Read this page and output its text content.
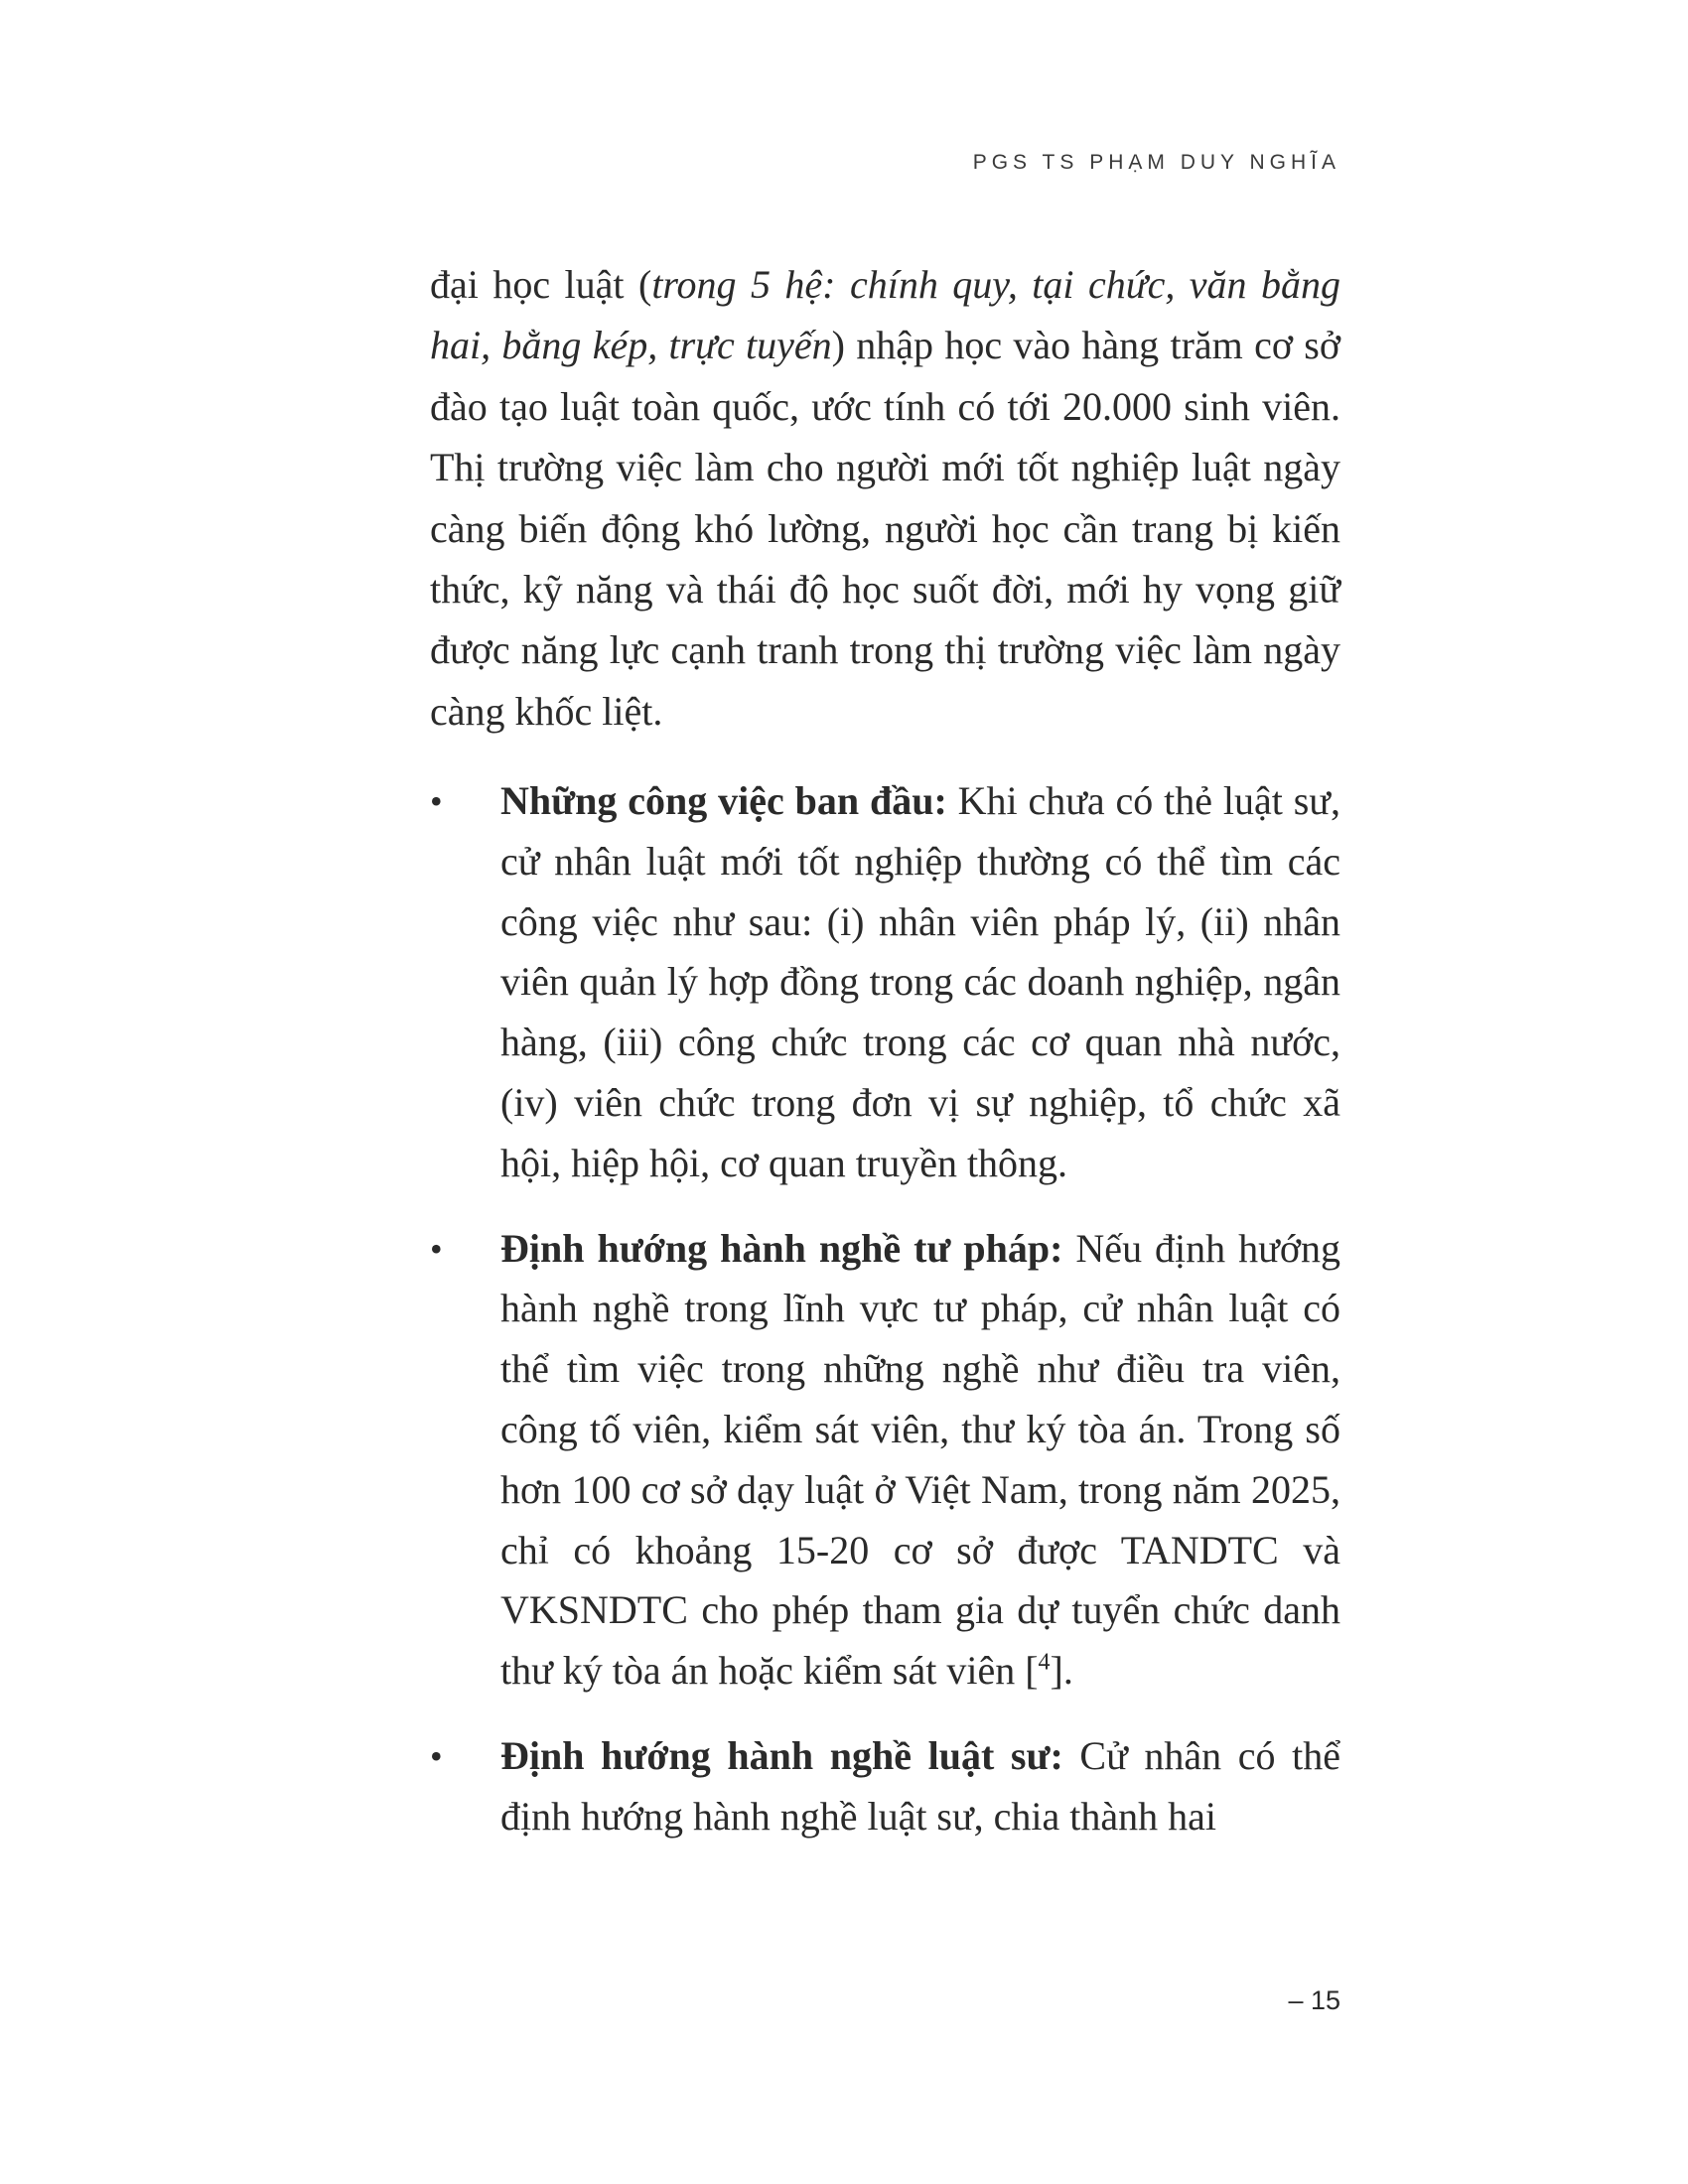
PGS TS PHẠM DUY NGHĨA
đại học luật (trong 5 hệ: chính quy, tại chức, văn bằng hai, bằng kép, trực tuyến) nhập học vào hàng trăm cơ sở đào tạo luật toàn quốc, ước tính có tới 20.000 sinh viên. Thị trường việc làm cho người mới tốt nghiệp luật ngày càng biến động khó lường, người học cần trang bị kiến thức, kỹ năng và thái độ học suốt đời, mới hy vọng giữ được năng lực cạnh tranh trong thị trường việc làm ngày càng khốc liệt.
•	Những công việc ban đầu: Khi chưa có thẻ luật sư, cử nhân luật mới tốt nghiệp thường có thể tìm các công việc như sau: (i) nhân viên pháp lý, (ii) nhân viên quản lý hợp đồng trong các doanh nghiệp, ngân hàng, (iii) công chức trong các cơ quan nhà nước, (iv) viên chức trong đơn vị sự nghiệp, tổ chức xã hội, hiệp hội, cơ quan truyền thông.
•	Định hướng hành nghề tư pháp: Nếu định hướng hành nghề trong lĩnh vực tư pháp, cử nhân luật có thể tìm việc trong những nghề như điều tra viên, công tố viên, kiểm sát viên, thư ký tòa án. Trong số hơn 100 cơ sở dạy luật ở Việt Nam, trong năm 2025, chỉ có khoảng 15-20 cơ sở được TANDTC và VKSNDTC cho phép tham gia dự tuyển chức danh thư ký tòa án hoặc kiểm sát viên [$^4$].
•	Định hướng hành nghề luật sư: Cử nhân có thể định hướng hành nghề luật sư, chia thành hai
– 15
